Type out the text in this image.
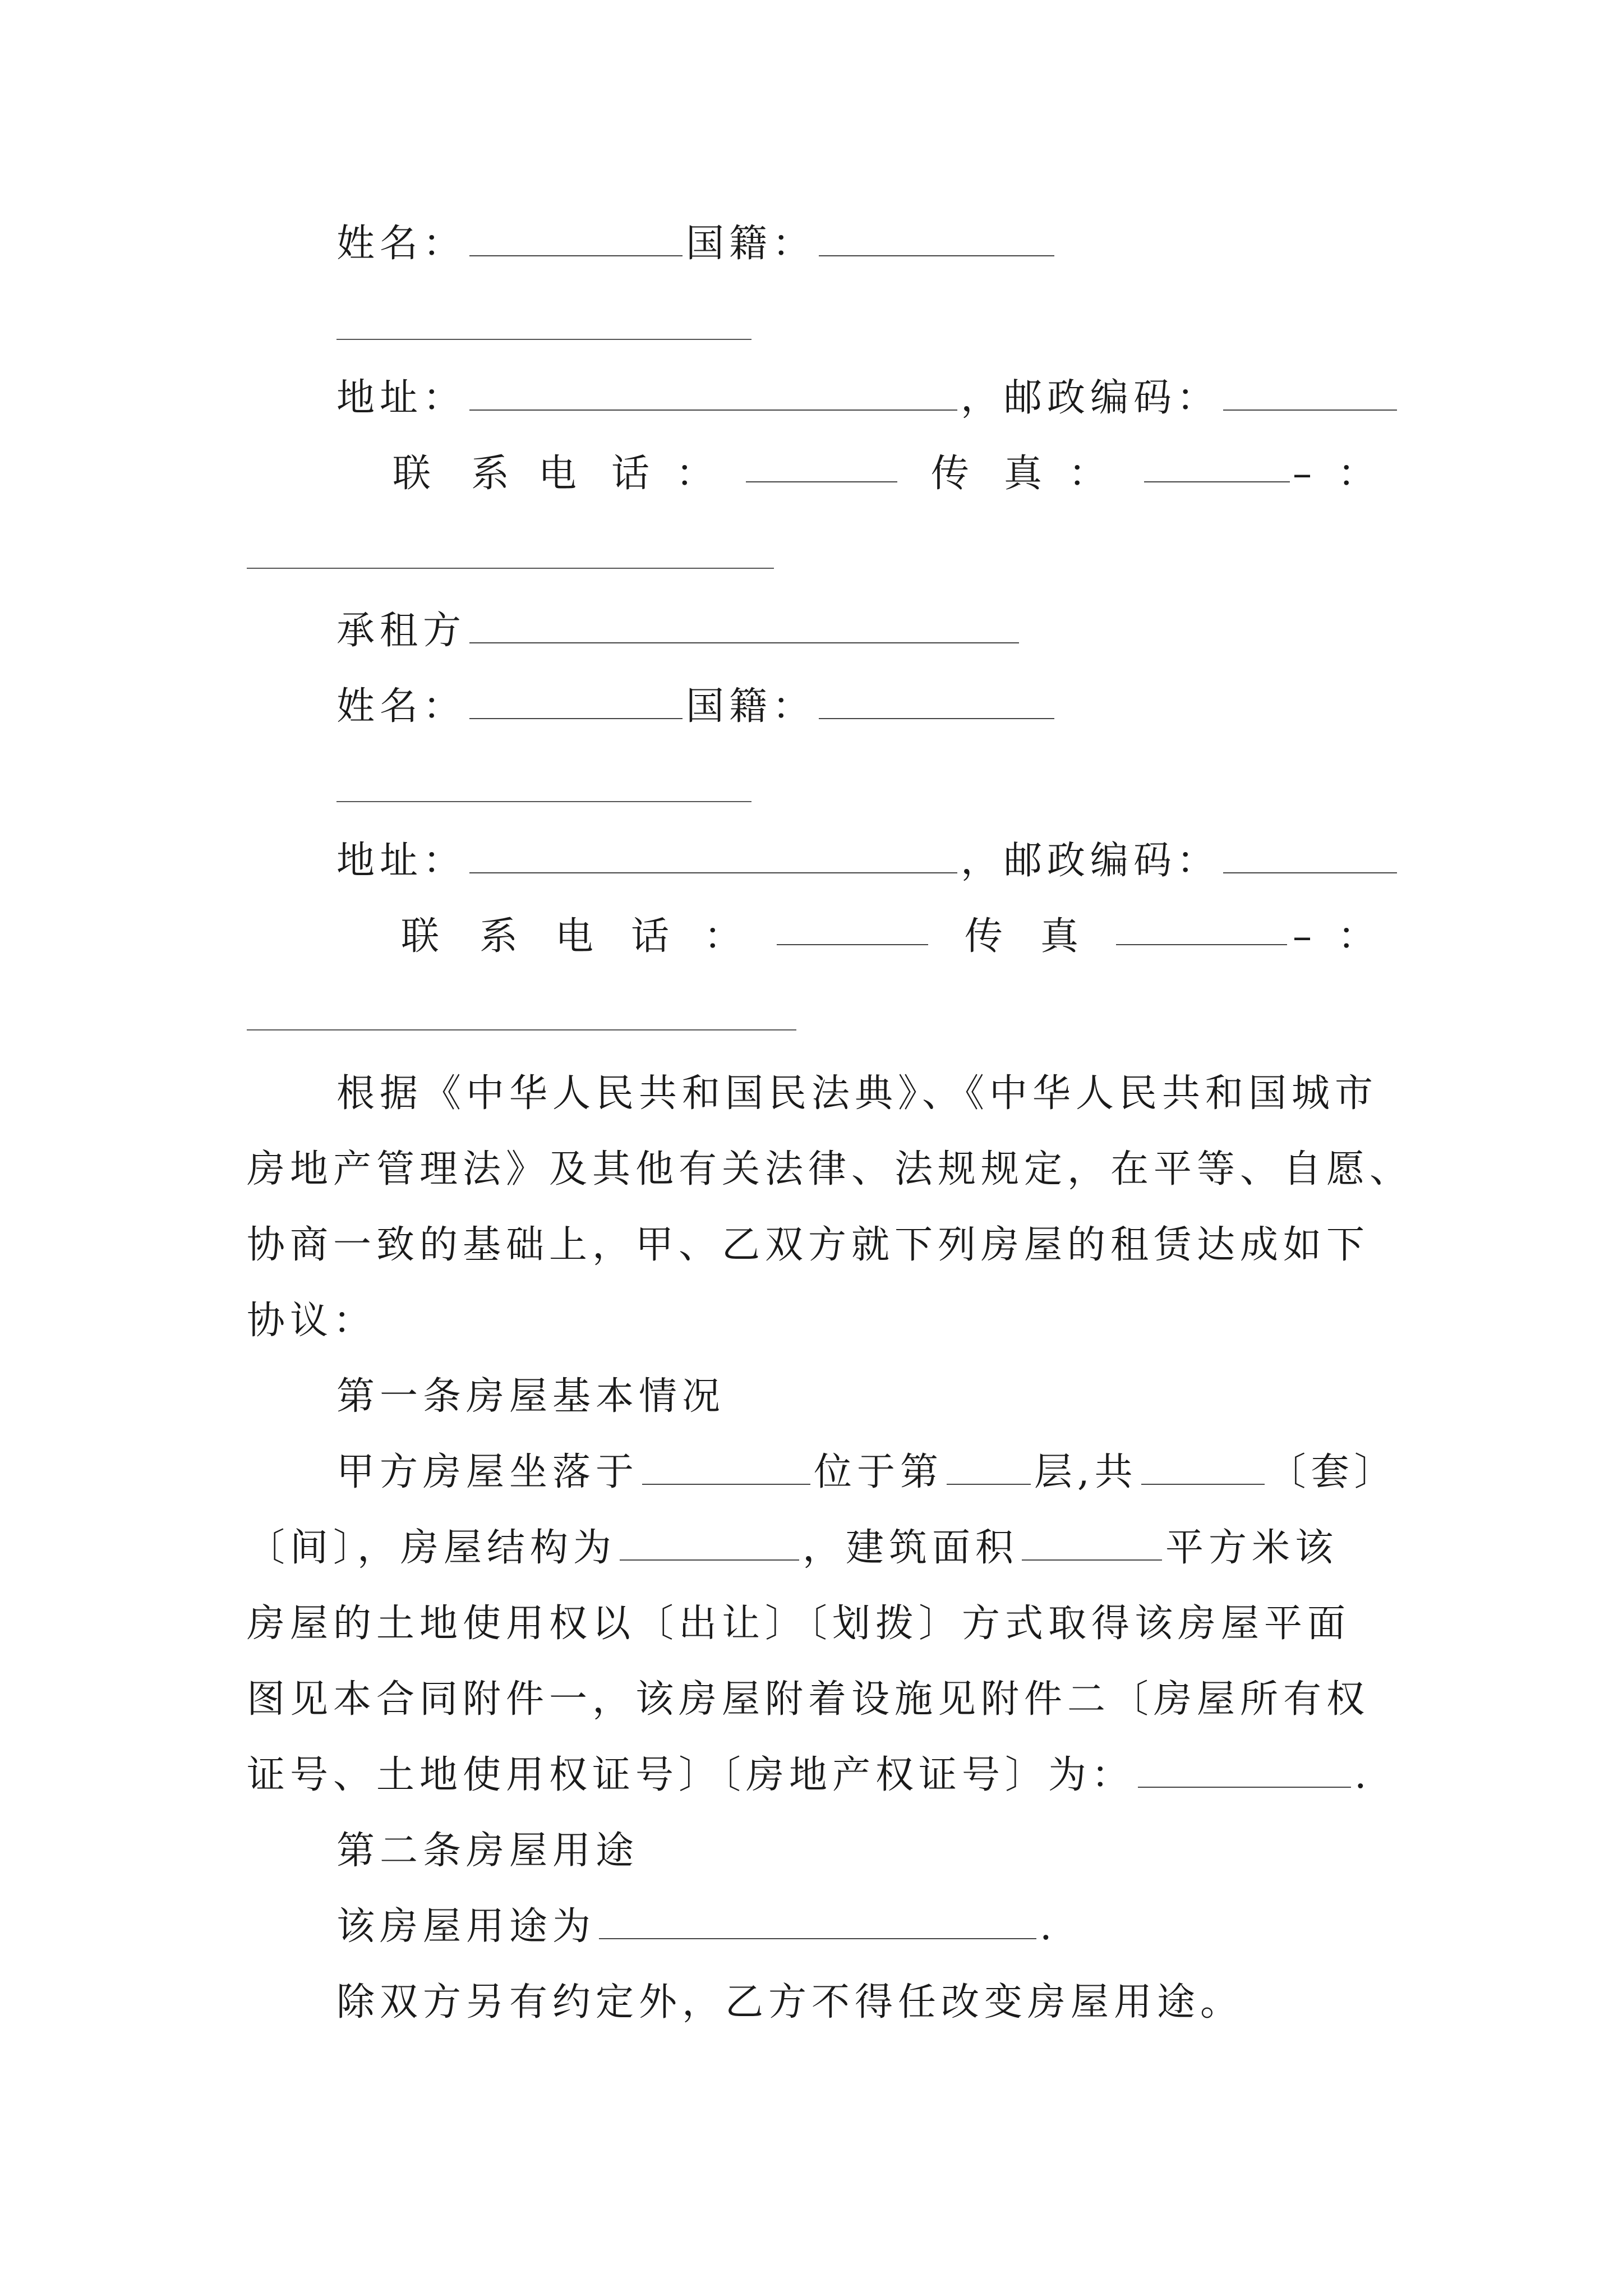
姓名：	国籍：
地址：	，邮政编码：
联 系 电 话 ：	传 真 ：	– ：
承租方
姓名：	国籍：
地址：	，邮政编码：
联 系 电 话 ：	传 真	– ：
根据《中华人民共和国民法典》、《中华人民共和国城市
房地产管理法》及其他有关法律、法规规定，在平等、自愿、
协商一致的基础上，甲、乙双方就下列房屋的租赁达成如下
协议：
第一条房屋基本情况
甲方房屋坐落于	位于第 层,共	〔套〕
〔间〕，房屋结构为	，建筑面积	平方米该
房屋的土地使用权以〔出让〕〔划拨〕方式取得该房屋平面
图见本合同附件一，该房屋附着设施见附件二〔房屋所有权
证号、土地使用权证号〕〔房地产权证号〕为：	.
第二条房屋用途
该房屋用途为	.
除双方另有约定外，乙方不得任改变房屋用途。
